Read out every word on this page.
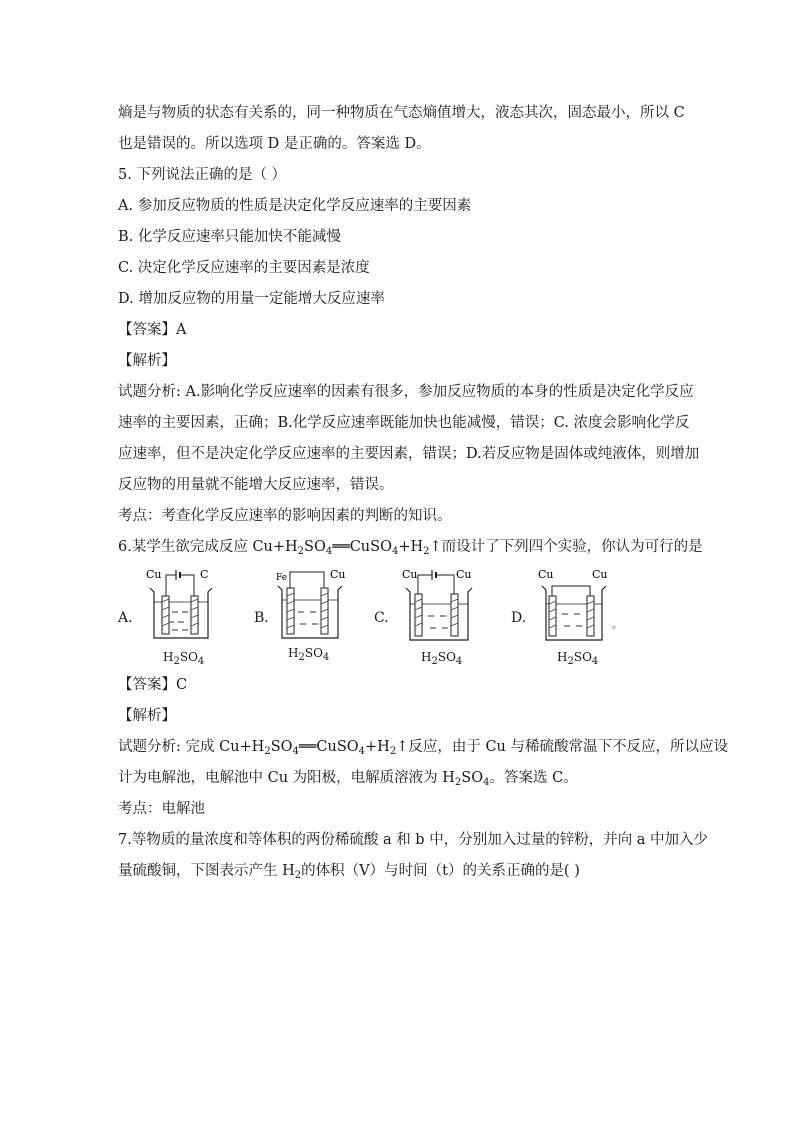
熵是与物质的状态有关系的，同一种物质在气态熵值增大，液态其次，固态最小，所以 C
也是错误的。所以选项 D 是正确的。答案选 D。
5. 下列说法正确的是（ ）
A. 参加反应物质的性质是决定化学反应速率的主要因素
B. 化学反应速率只能加快不能减慢
C. 决定化学反应速率的主要因素是浓度
D. 增加反应物的用量一定能增大反应速率
【答案】A
【解析】
试题分析: A.影响化学反应速率的因素有很多，参加反应物质的本身的性质是决定化学反应
速率的主要因素，正确；B.化学反应速率既能加快也能减慢，错误；C. 浓度会影响化学反
应速率，但不是决定化学反应速率的主要因素，错误；D.若反应物是固体或纯液体，则增加
反应物的用量就不能增大反应速率，错误。
考点：考查化学反应速率的影响因素的判断的知识。
6.某学生欲完成反应 $Cu+H_2SO_4══CuSO_4+H_2↑$而设计了下列四个实验，你认为可行的是
A.
Cu	C
$H_2SO_4$
B.
Fe	Cu
$H_2SO_4$
C.
Cu	Cu
$H_2SO_4$
D.
Cu	Cu
$H_2SO_4$
。
【答案】C
【解析】
试题分析: 完成 $Cu+H_2SO_4══CuSO_4+H_2↑$反应，由于 Cu 与稀硫酸常温下不反应，所以应设
计为电解池，电解池中 Cu 为阳极，电解质溶液为 $H_2SO_4$。答案选 C。
考点：电解池
7.等物质的量浓度和等体积的两份稀硫酸 a 和 b 中，分别加入过量的锌粉，并向 a 中加入少
量硫酸铜，下图表示产生 $H_2$的体积（V）与时间（t）的关系正确的是( )
